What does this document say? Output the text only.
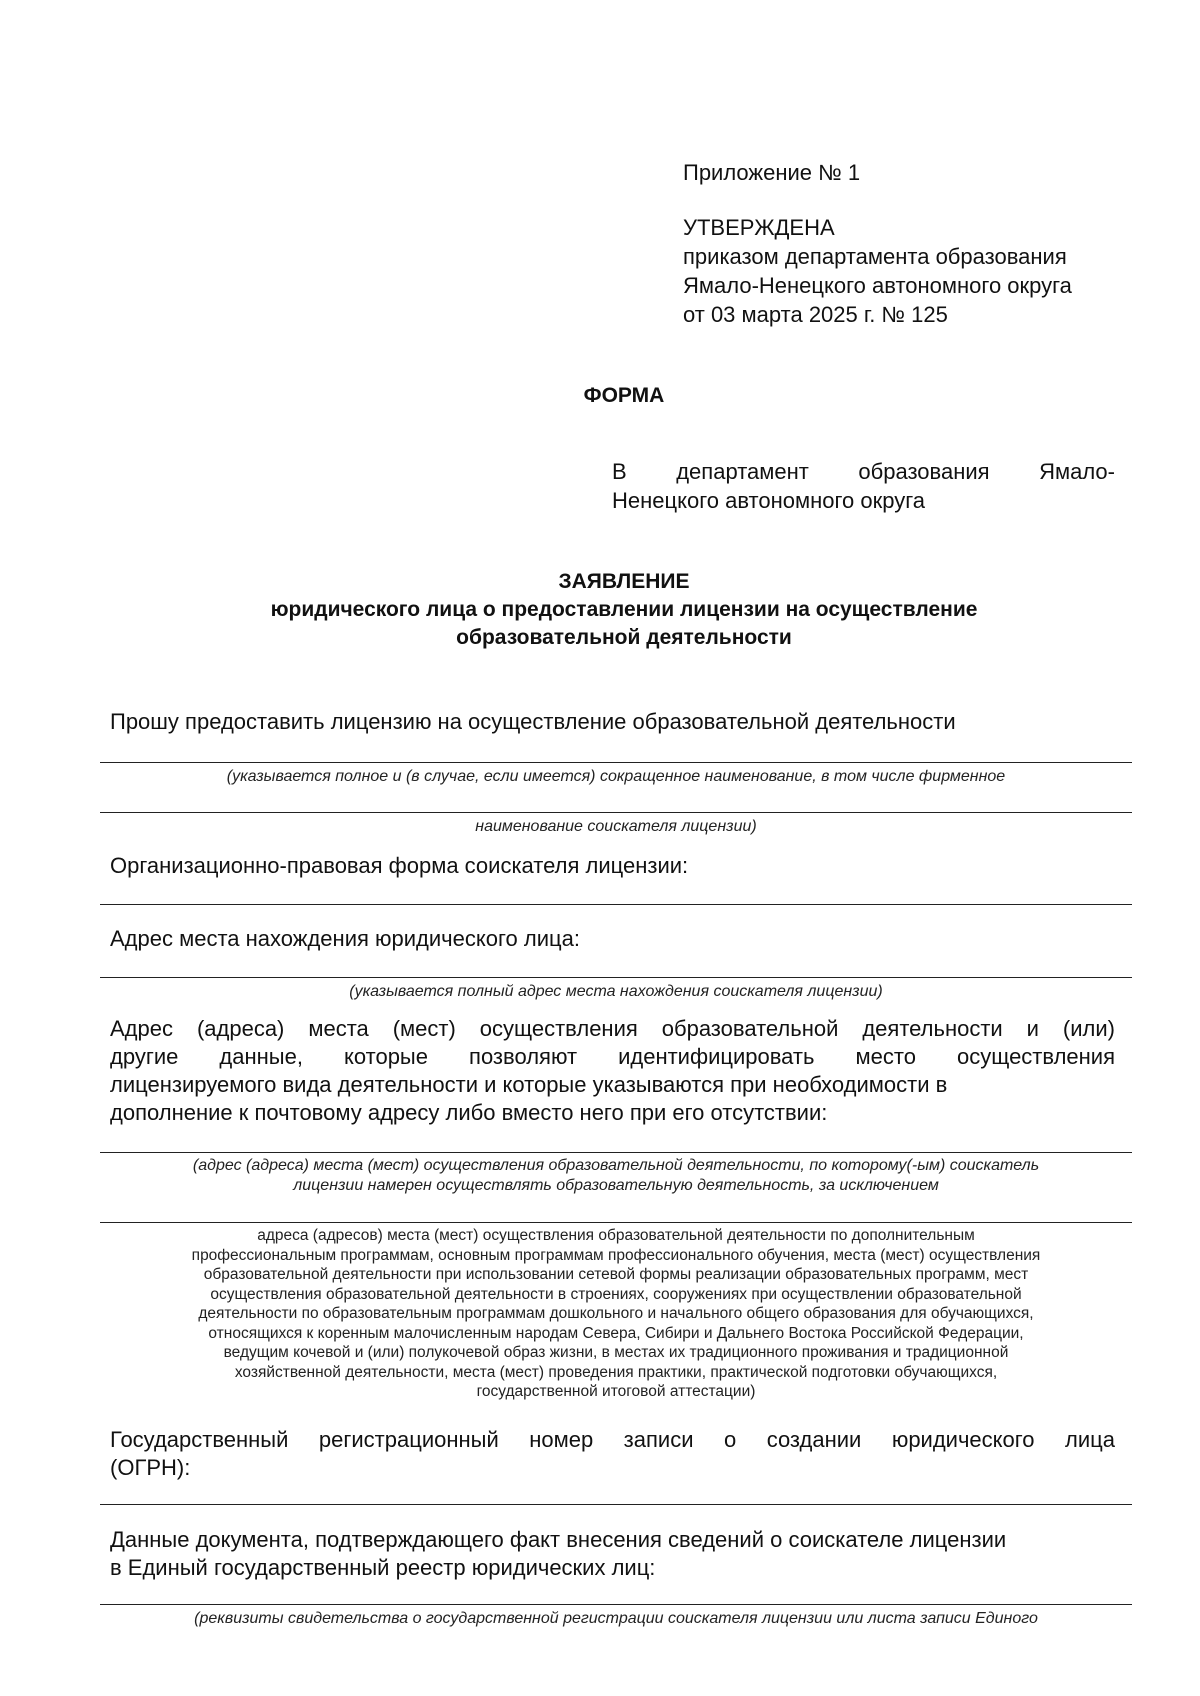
Приложение № 1
УТВЕРЖДЕНА
приказом департамента образования
Ямало-Ненецкого автономного округа
от 03 марта 2025 г. № 125
ФОРМА
В департамент образования Ямало-
Ненецкого автономного округа
ЗАЯВЛЕНИЕ
юридического лица о предоставлении лицензии на осуществление
образовательной деятельности
Прошу предоставить лицензию на осуществление образовательной деятельности
(указывается полное и (в случае, если имеется) сокращенное наименование, в том числе фирменное
наименование соискателя лицензии)
Организационно-правовая форма соискателя лицензии:
Адрес места нахождения юридического лица:
(указывается полный адрес места нахождения соискателя лицензии)
Адрес (адреса) места (мест) осуществления образовательной деятельности и (или)
другие данные, которые позволяют идентифицировать место осуществления
лицензируемого вида деятельности и которые указываются при необходимости в
дополнение к почтовому адресу либо вместо него при его отсутствии:
(адрес (адреса) места (мест) осуществления образовательной деятельности, по которому(-ым) соискатель
лицензии намерен осуществлять образовательную деятельность, за исключением
адреса (адресов) места (мест) осуществления образовательной деятельности по дополнительным
профессиональным программам, основным программам профессионального обучения, места (мест) осуществления
образовательной деятельности при использовании сетевой формы реализации образовательных программ, мест
осуществления образовательной деятельности в строениях, сооружениях при осуществлении образовательной
деятельности по образовательным программам дошкольного и начального общего образования для обучающихся,
относящихся к коренным малочисленным народам Севера, Сибири и Дальнего Востока Российской Федерации,
ведущим кочевой и (или) полукочевой образ жизни, в местах их традиционного проживания и традиционной
хозяйственной деятельности, места (мест) проведения практики, практической подготовки обучающихся,
государственной итоговой аттестации)
Государственный регистрационный номер записи о создании юридического лица
(ОГРН):
Данные документа, подтверждающего факт внесения сведений о соискателе лицензии
в Единый государственный реестр юридических лиц:
(реквизиты свидетельства о государственной регистрации соискателя лицензии или листа записи Единого
